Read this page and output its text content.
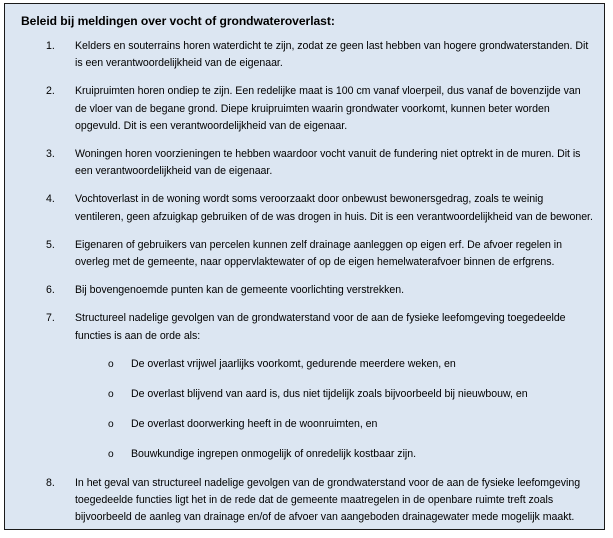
Beleid bij meldingen over vocht of grondwateroverlast:
1.	Kelders en souterrains horen waterdicht te zijn, zodat ze geen last hebben van hogere grondwaterstanden. Dit is een verantwoordelijkheid van de eigenaar.
2.	Kruipruimten horen ondiep te zijn. Een redelijke maat is 100 cm vanaf vloerpeil, dus vanaf de bovenzijde van de vloer van de begane grond. Diepe kruipruimten waarin grondwater voorkomt, kunnen beter worden opgevuld. Dit is een verantwoordelijkheid van de eigenaar.
3.	Woningen horen voorzieningen te hebben waardoor vocht vanuit de fundering niet optrekt in de muren. Dit is een verantwoordelijkheid van de eigenaar.
4.	Vochtoverlast in de woning wordt soms veroorzaakt door onbewust bewonersgedrag, zoals te weinig ventileren, geen afzuigkap gebruiken of de was drogen in huis. Dit is een verantwoordelijkheid van de bewoner.
5.	Eigenaren of gebruikers van percelen kunnen zelf drainage aanleggen op eigen erf. De afvoer regelen in overleg met de gemeente, naar oppervlaktewater of op de eigen hemelwaterafvoer binnen de erfgrens.
6.	Bij bovengenoemde punten kan de gemeente voorlichting verstrekken.
7.	Structureel nadelige gevolgen van de grondwaterstand voor de aan de fysieke leefomgeving toegedeelde functies is aan de orde als:
o De overlast vrijwel jaarlijks voorkomt, gedurende meerdere weken, en
o De overlast blijvend van aard is, dus niet tijdelijk zoals bijvoorbeeld bij nieuwbouw, en
o De overlast doorwerking heeft in de woonruimten, en
o Bouwkundige ingrepen onmogelijk of onredelijk kostbaar zijn.
8.	In het geval van structureel nadelige gevolgen van de grondwaterstand voor de aan de fysieke leefomgeving toegedeelde functies ligt het in de rede dat de gemeente maatregelen in de openbare ruimte treft zoals bijvoorbeeld de aanleg van drainage en/of de afvoer van aangeboden drainagewater mede mogelijk maakt.
